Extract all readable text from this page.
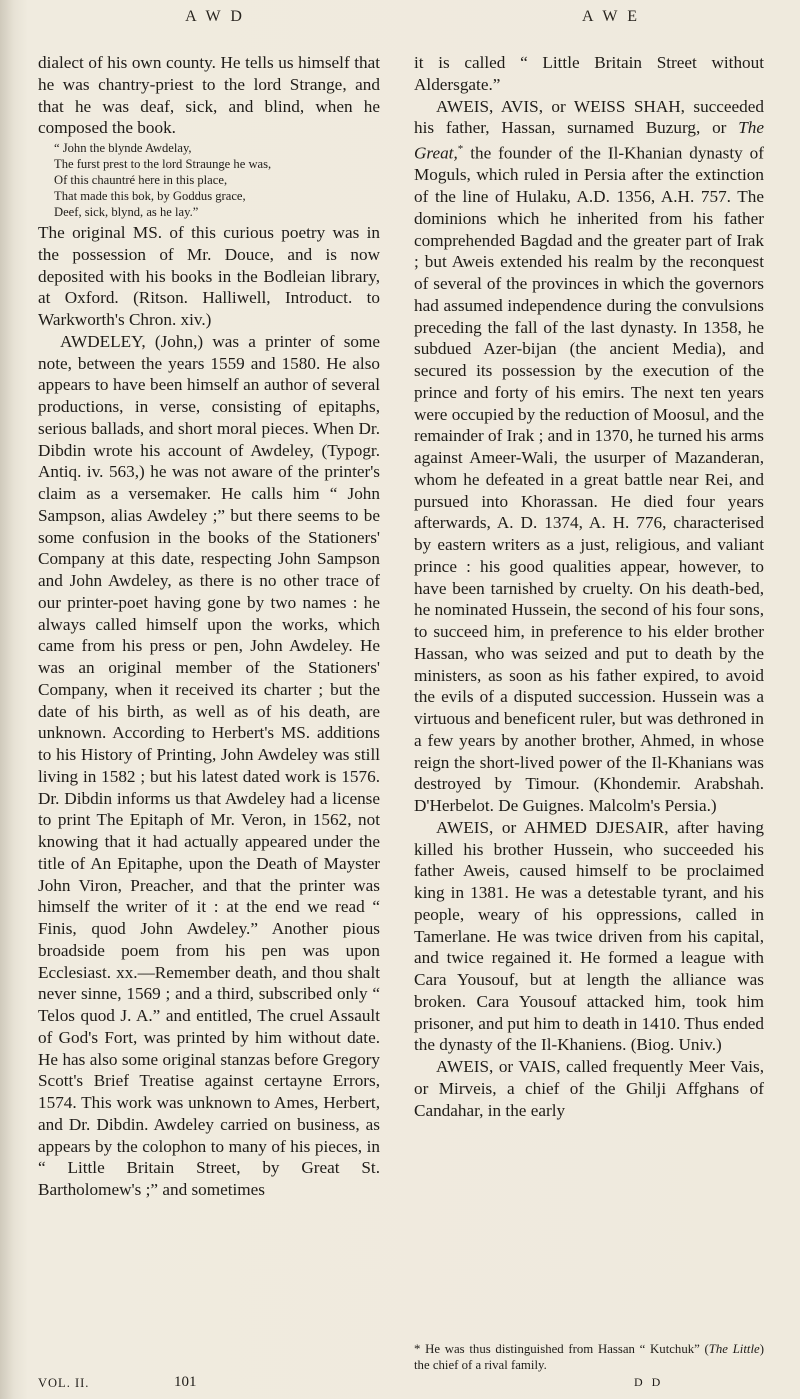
A W D	A W E

dialect of his own county. He tells us himself that he was chantry-priest to the lord Strange, and that he was deaf, sick, and blind, when he composed the book.

“ John the blynde Awdelay,
The furst prest to the lord Straunge he was,
Of this chauntré here in this place,
That made this bok, by Goddus grace,
Deef, sick, blynd, as he lay.”

The original MS. of this curious poetry was in the possession of Mr. Douce, and is now deposited with his books in the Bodleian library, at Oxford. (Ritson. Halliwell, Introduct. to Warkworth's Chron. xiv.)

AWDELEY, (John,) was a printer of some note, between the years 1559 and 1580. He also appears to have been himself an author of several productions, in verse, consisting of epitaphs, serious ballads, and short moral pieces. When Dr. Dibdin wrote his account of Awdeley, (Typogr. Antiq. iv. 563,) he was not aware of the printer's claim as a versemaker. He calls him “ John Sampson, alias Awdeley ;” but there seems to be some confusion in the books of the Stationers' Company at this date, respecting John Sampson and John Awdeley, as there is no other trace of our printer-poet having gone by two names : he always called himself upon the works, which came from his press or pen, John Awdeley. He was an original member of the Stationers' Company, when it received its charter ; but the date of his birth, as well as of his death, are unknown. According to Herbert's MS. additions to his History of Printing, John Awdeley was still living in 1582 ; but his latest dated work is 1576. Dr. Dibdin informs us that Awdeley had a license to print The Epitaph of Mr. Veron, in 1562, not knowing that it had actually appeared under the title of An Epitaphe, upon the Death of Mayster John Viron, Preacher, and that the printer was himself the writer of it : at the end we read “ Finis, quod John Awdeley.” Another pious broadside poem from his pen was upon Ecclesiast. xx.—Remember death, and thou shalt never sinne, 1569 ; and a third, subscribed only “ Telos quod J. A.” and entitled, The cruel Assault of God's Fort, was printed by him without date. He has also some original stanzas before Gregory Scott's Brief Treatise against certayne Errors, 1574. This work was unknown to Ames, Herbert, and Dr. Dibdin. Awdeley carried on business, as appears by the colophon to many of his pieces, in “ Little Britain Street, by Great St. Bartholomew's ;” and sometimes

it is called “ Little Britain Street without Aldersgate.”

AWEIS, AVIS, or WEISS SHAH, succeeded his father, Hassan, surnamed Buzurg, or The Great,* the founder of the Il-Khanian dynasty of Moguls, which ruled in Persia after the extinction of the line of Hulaku, A.D. 1356, A.H. 757. The dominions which he inherited from his father comprehended Bagdad and the greater part of Irak ; but Aweis extended his realm by the reconquest of several of the provinces in which the governors had assumed independence during the convulsions preceding the fall of the last dynasty. In 1358, he subdued Azer-bijan (the ancient Media), and secured its possession by the execution of the prince and forty of his emirs. The next ten years were occupied by the reduction of Moosul, and the remainder of Irak ; and in 1370, he turned his arms against Ameer-Wali, the usurper of Mazanderan, whom he defeated in a great battle near Rei, and pursued into Khorassan. He died four years afterwards, A. D. 1374, A. H. 776, characterised by eastern writers as a just, religious, and valiant prince : his good qualities appear, however, to have been tarnished by cruelty. On his death-bed, he nominated Hussein, the second of his four sons, to succeed him, in preference to his elder brother Hassan, who was seized and put to death by the ministers, as soon as his father expired, to avoid the evils of a disputed succession. Hussein was a virtuous and beneficent ruler, but was dethroned in a few years by another brother, Ahmed, in whose reign the short-lived power of the Il-Khanians was destroyed by Timour. (Khondemir. Arabshah. D'Herbelot. De Guignes. Malcolm's Persia.)

AWEIS, or AHMED DJESAIR, after having killed his brother Hussein, who succeeded his father Aweis, caused himself to be proclaimed king in 1381. He was a detestable tyrant, and his people, weary of his oppressions, called in Tamerlane. He was twice driven from his capital, and twice regained it. He formed a league with Cara Yousouf, but at length the alliance was broken. Cara Yousouf attacked him, took him prisoner, and put him to death in 1410. Thus ended the dynasty of the Il-Khaniens. (Biog. Univ.)

AWEIS, or VAIS, called frequently Meer Vais, or Mirveis, a chief of the Ghilji Affghans of Candahar, in the early

* He was thus distinguished from Hassan “ Kutchuk” (The Little) the chief of a rival family.
VOL. II.	101	D D
